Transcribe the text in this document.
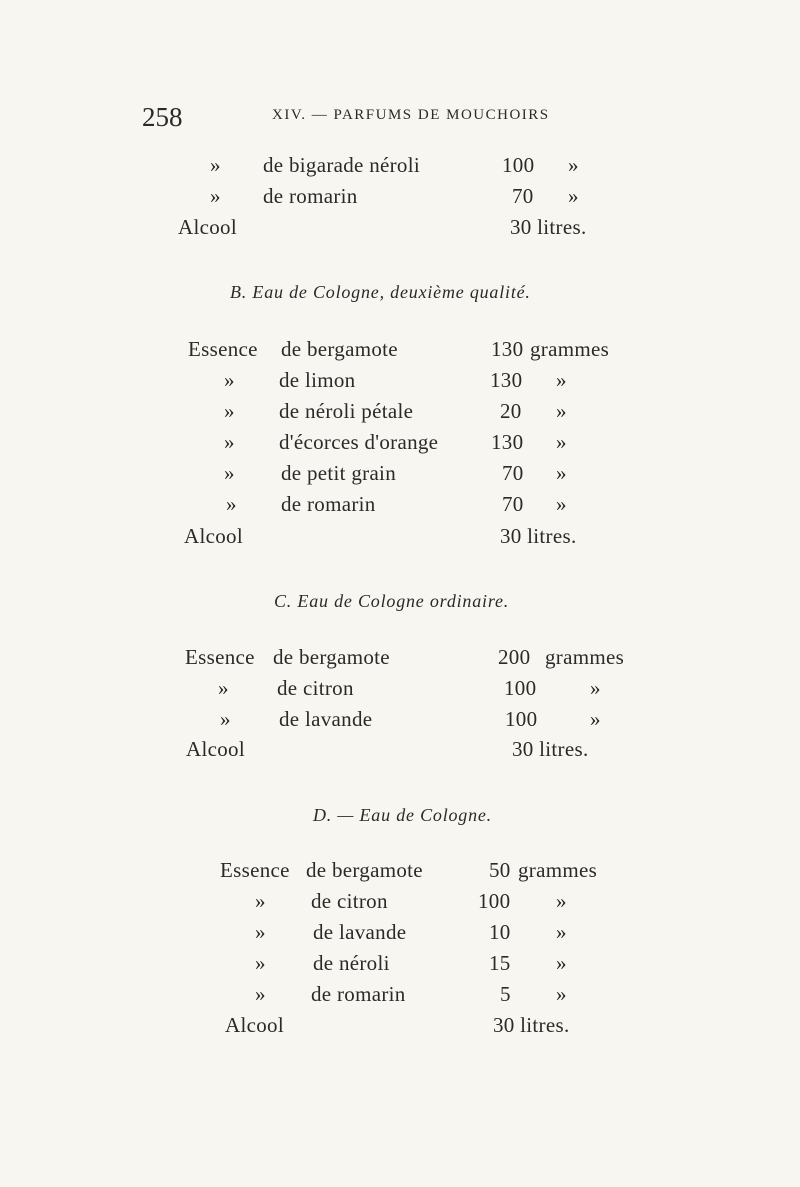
258	XIV. — PARFUMS DE MOUCHOIRS
» de bigarade néroli	100 »
» de romarin	70 »
Alcool	30 litres.
B. Eau de Cologne, deuxième qualité.
Essence de bergamote	130 grammes
» de limon	130 »
» de néroli pétale	20 »
» d'écorces d'orange	130 »
» de petit grain	70 »
» de romarin	70 »
Alcool	30 litres.
C. Eau de Cologne ordinaire.
Essence de bergamote	200 grammes
» de citron	100	»
» de lavande	100	»
Alcool	30 litres.
D. — Eau de Cologne.
Essence de bergamote	50 grammes
» de citron	100 »
» de lavande	10 »
» de néroli	15 »
» de romarin	5 »
Alcool	30 litres.
